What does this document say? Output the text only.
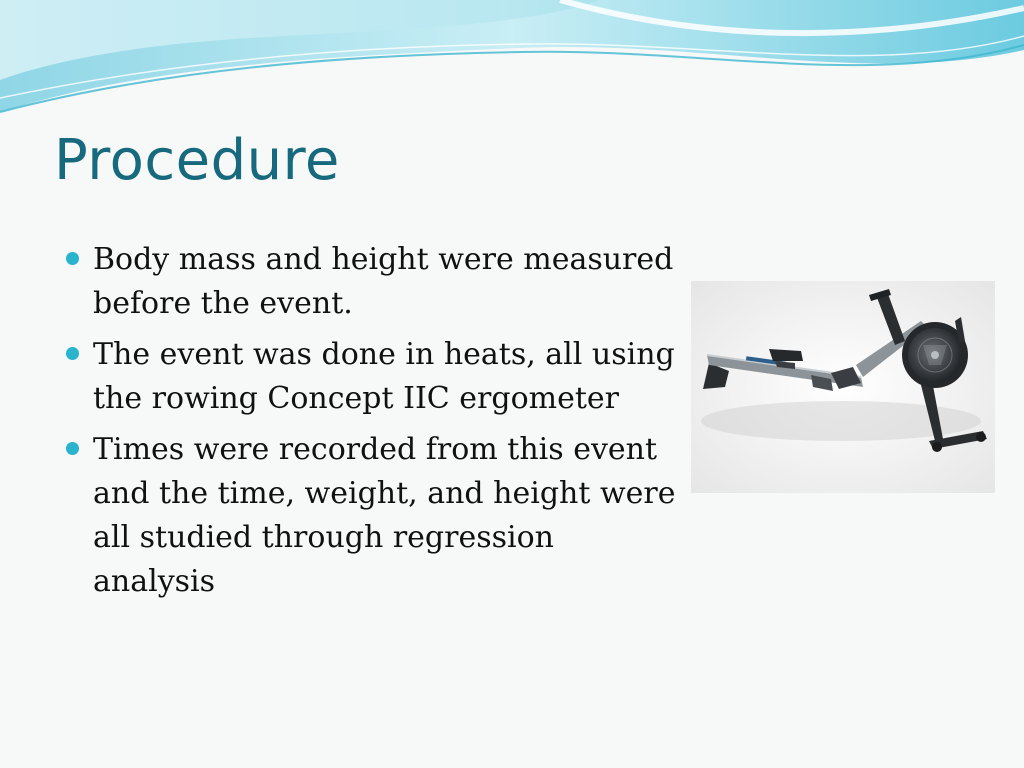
Procedure
Body mass and height were measured before the event.
The event was done in heats, all using the rowing Concept IIC ergometer
Times were recorded from this event and the time, weight, and height were all studied through regression analysis
